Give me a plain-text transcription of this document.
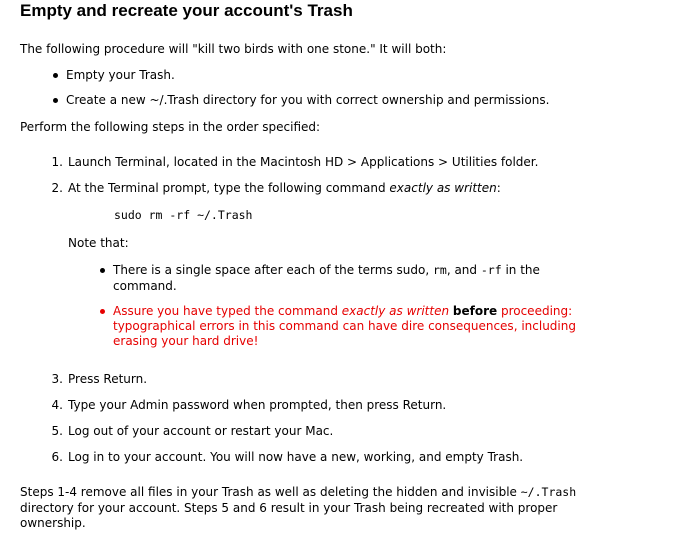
Empty and recreate your account's Trash

The following procedure will "kill two birds with one stone." It will both:

Empty your Trash.

Create a new ~/.Trash directory for you with correct ownership and permissions.

Perform the following steps in the order specified:

1. Launch Terminal, located in the Macintosh HD > Applications > Utilities folder.
2. At the Terminal prompt, type the following command exactly as written:

sudo rm -rf ~/.Trash

Note that:

There is a single space after each of the terms sudo, rm, and -rf in the

command.

Assure you have typed the command exactly as written before proceeding:

typographical errors in this command can have dire consequences, including

erasing your hard drive!

3. Press Return.
4. Type your Admin password when prompted, then press Return.
5. Log out of your account or restart your Mac.
6. Log in to your account. You will now have a new, working, and empty Trash.
Steps 1-4 remove all files in your Trash as well as deleting the hidden and invisible ~/.Trash

directory for your account. Steps 5 and 6 result in your Trash being recreated with proper

ownership.
